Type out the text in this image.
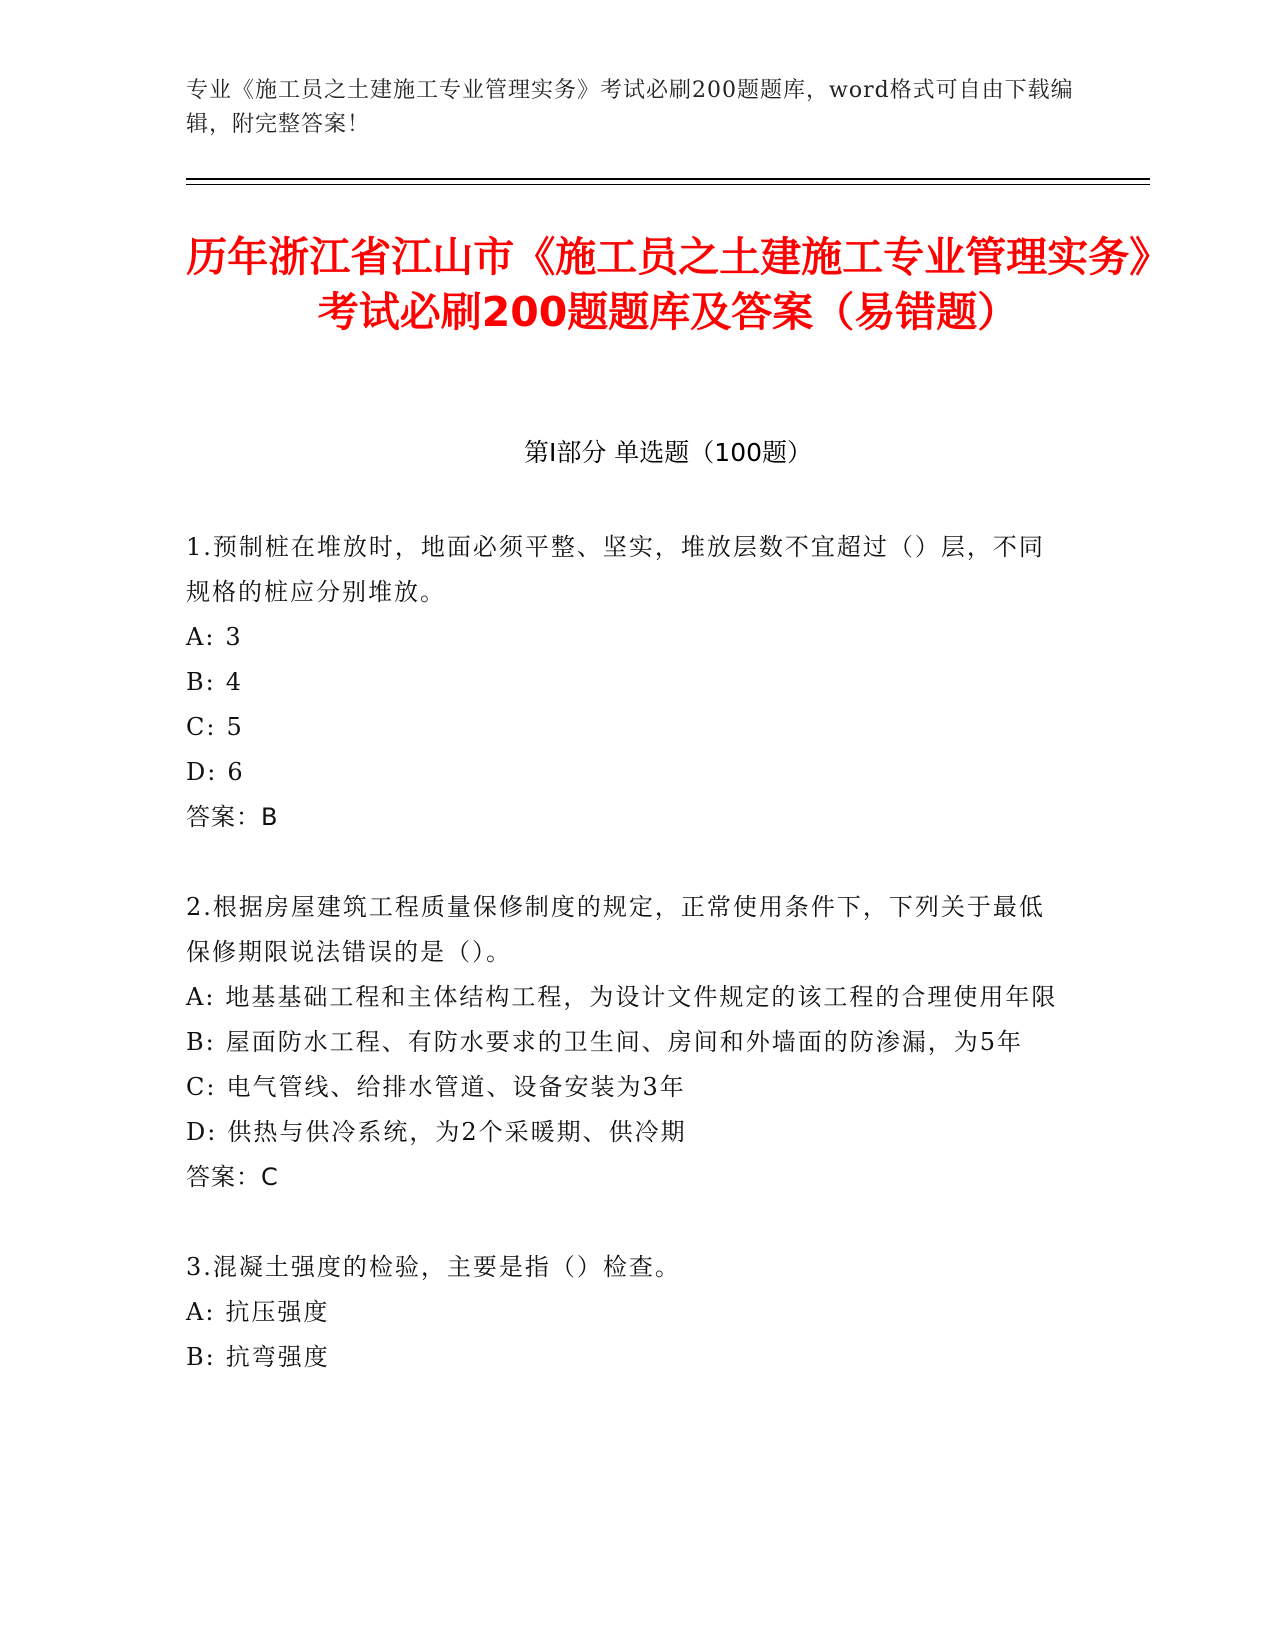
专业《施工员之土建施工专业管理实务》考试必刷200题题库，word格式可自由下载编辑，附完整答案！
历年浙江省江山市《施工员之土建施工专业管理实务》考试必刷200题题库及答案（易错题）
第Ⅰ部分 单选题（100题）

1.预制桩在堆放时，地面必须平整、坚实，堆放层数不宜超过（）层，不同规格的桩应分别堆放。

A: 3

B: 4

C: 5

D: 6

答案：B

2.根据房屋建筑工程质量保修制度的规定，正常使用条件下，下列关于最低保修期限说法错误的是（）。

A: 地基基础工程和主体结构工程，为设计文件规定的该工程的合理使用年限

B: 屋面防水工程、有防水要求的卫生间、房间和外墙面的防渗漏，为5年

C: 电气管线、给排水管道、设备安装为3年

D: 供热与供冷系统，为2个采暖期、供冷期

答案：C

3.混凝土强度的检验，主要是指（）检查。

A: 抗压强度

B: 抗弯强度
